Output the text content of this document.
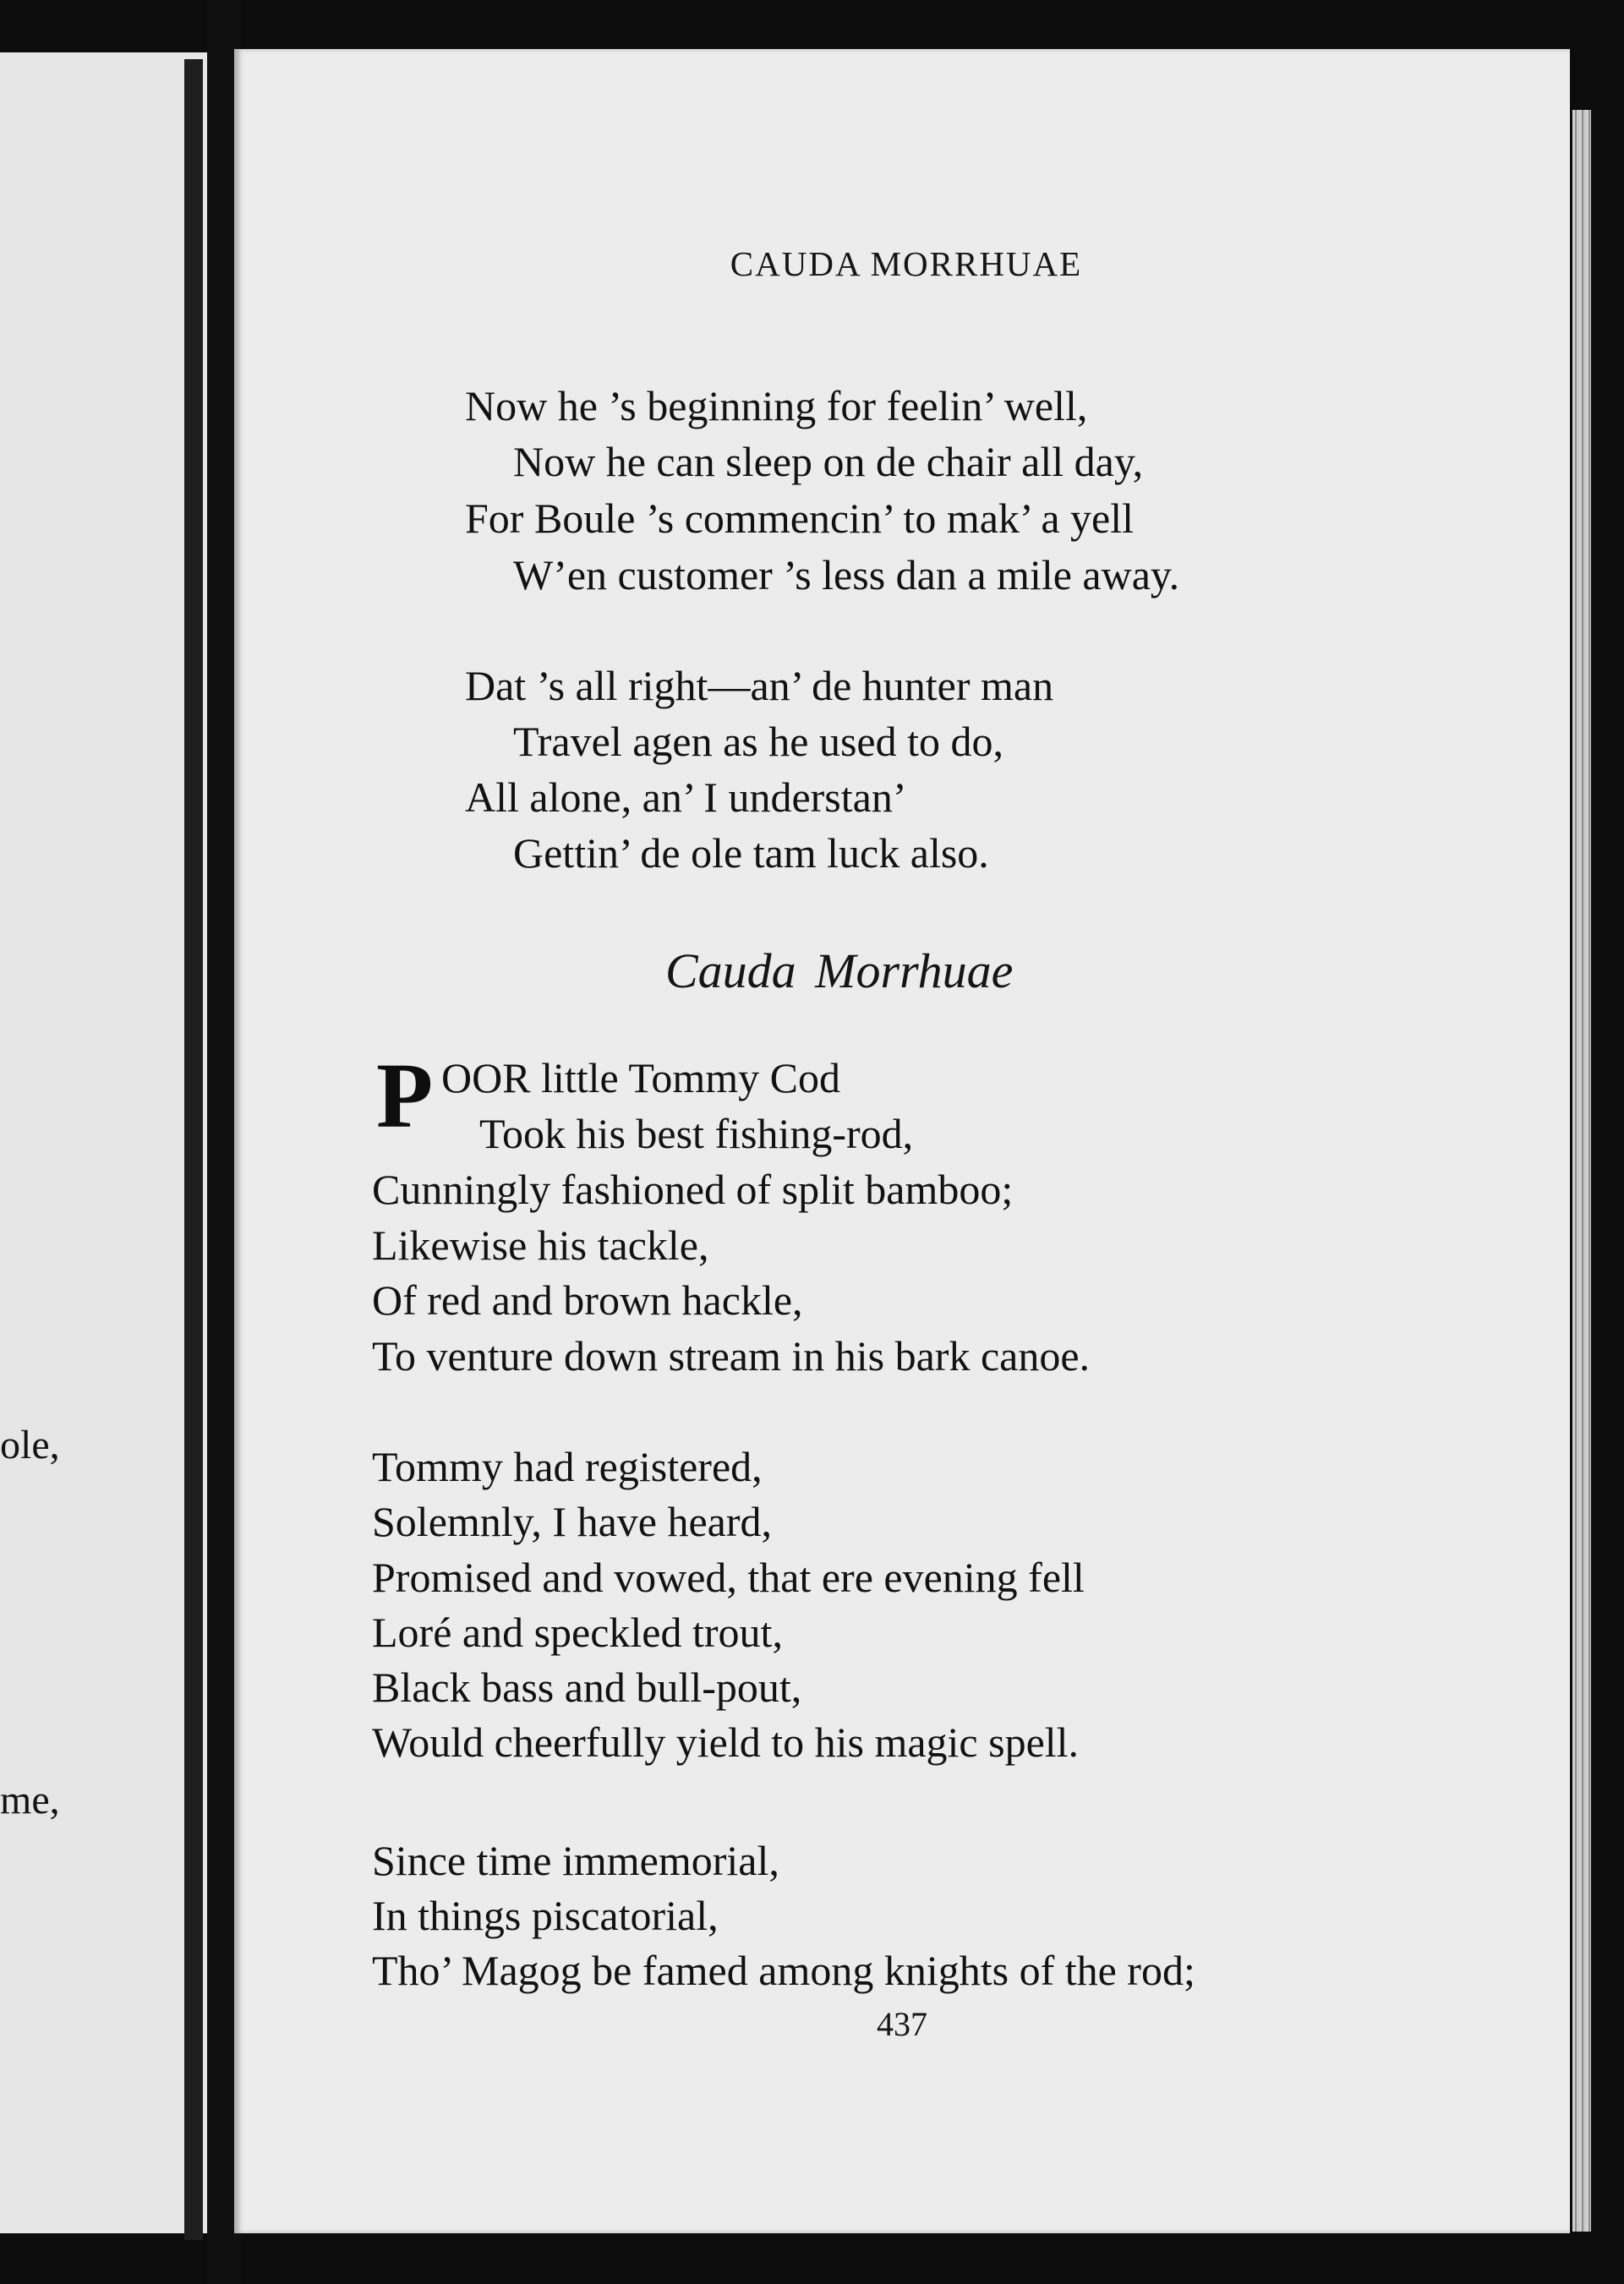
ole,
me,
CAUDA MORRHUAE
Now he ’s beginning for feelin’ well,
Now he can sleep on de chair all day,
For Boule ’s commencin’ to mak’ a yell
W’en customer ’s less dan a mile away.
Dat ’s all right—an’ de hunter man
Travel agen as he used to do,
All alone, an’ I understan’
Gettin’ de ole tam luck also.
Cauda Morrhuae
P OOR little Tommy Cod
Took his best fishing-rod,
Cunningly fashioned of split bamboo;
Likewise his tackle,
Of red and brown hackle,
To venture down stream in his bark canoe.
Tommy had registered,
Solemnly, I have heard,
Promised and vowed, that ere evening fell
Loré and speckled trout,
Black bass and bull-pout,
Would cheerfully yield to his magic spell.
Since time immemorial,
In things piscatorial,
Tho’ Magog be famed among knights of the rod;
437
